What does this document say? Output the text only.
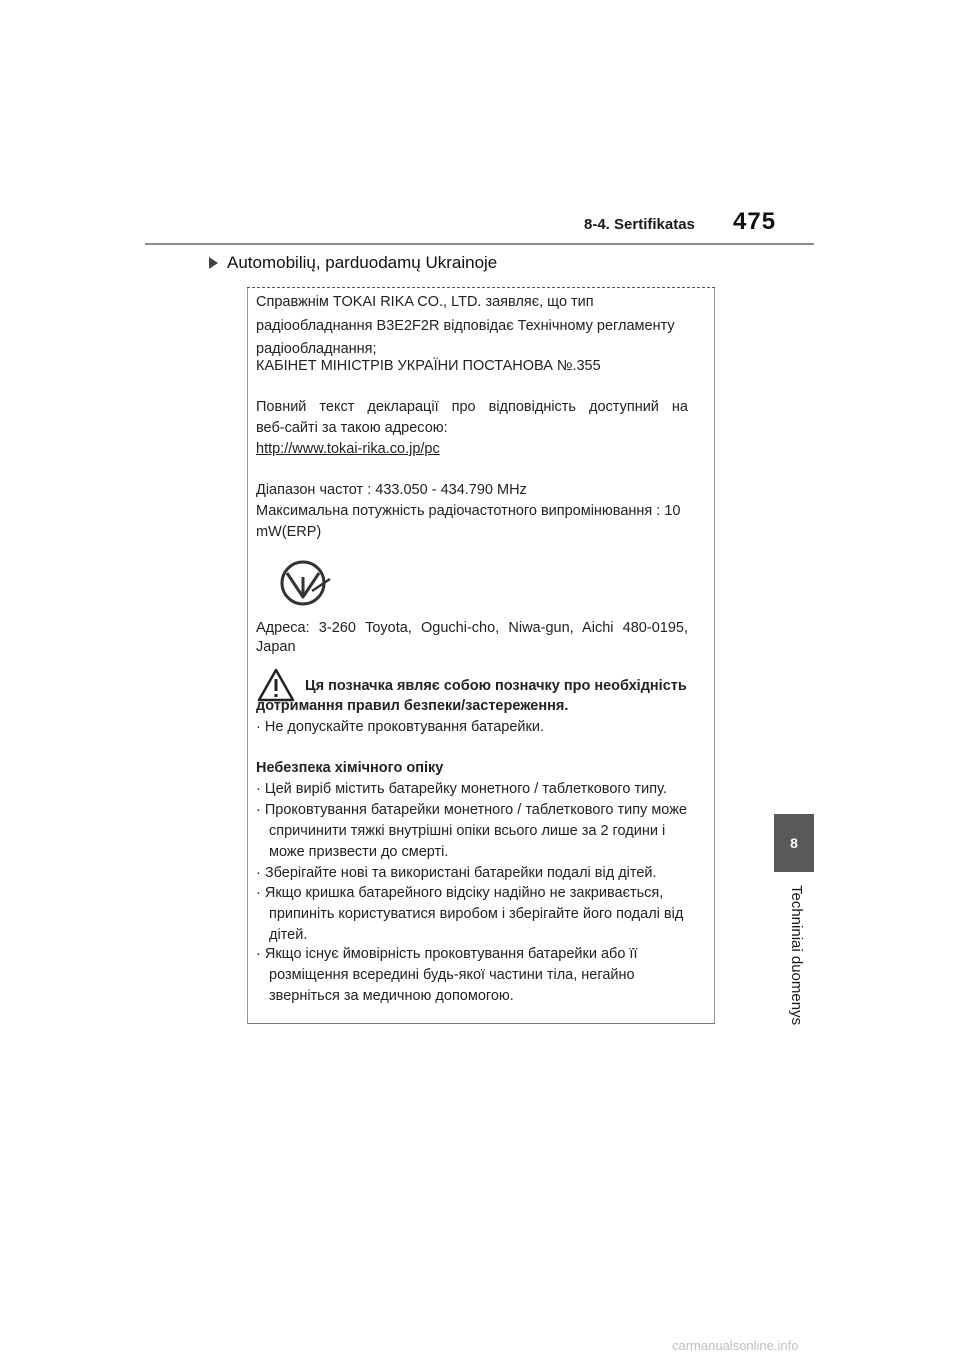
8-4. Sertifikatas 475
Automobilių, parduodamų Ukrainoje
Справжнім TOKAI RIKA CO., LTD. заявляє, що тип
радіообладнання B3E2F2R відповідає Технічному регламенту
радіообладнання;
КАБІНЕТ МІНІСТРІВ УКРАЇНИ ПОСТАНОВА №.355
Повний текст декларації про відповідність доступний на
веб-сайті за такою адресою:
http://www.tokai-rika.co.jp/pc
Діапазон частот : 433.050 - 434.790 MHz
Максимальна потужність радіочастотного випромінювання : 10
mW(ERP)
Адреса: 3-260 Toyota, Oguchi-cho, Niwa-gun, Aichi 480-0195,
Japan
Ця позначка являє собою позначку про необхідність
дотримання правил безпеки/застереження.
· Не допускайте проковтування батарейки.
Небезпека хімічного опіку
· Цей виріб містить батарейку монетного / таблеткового типу.
· Проковтування батарейки монетного / таблеткового типу може
спричинити тяжкі внутрішні опіки всього лише за 2 години і
може призвести до смерті.
· Зберігайте нові та використані батарейки подалі від дітей.
· Якщо кришка батарейного відсіку надійно не закривається,
припиніть користуватися виробом і зберігайте його подалі від
дітей.
· Якщо існує ймовірність проковтування батарейки або її
розміщення всередині будь-якої частини тіла, негайно
зверніться за медичною допомогою.
8
Techniniai duomenys
carmanualsonline.info
